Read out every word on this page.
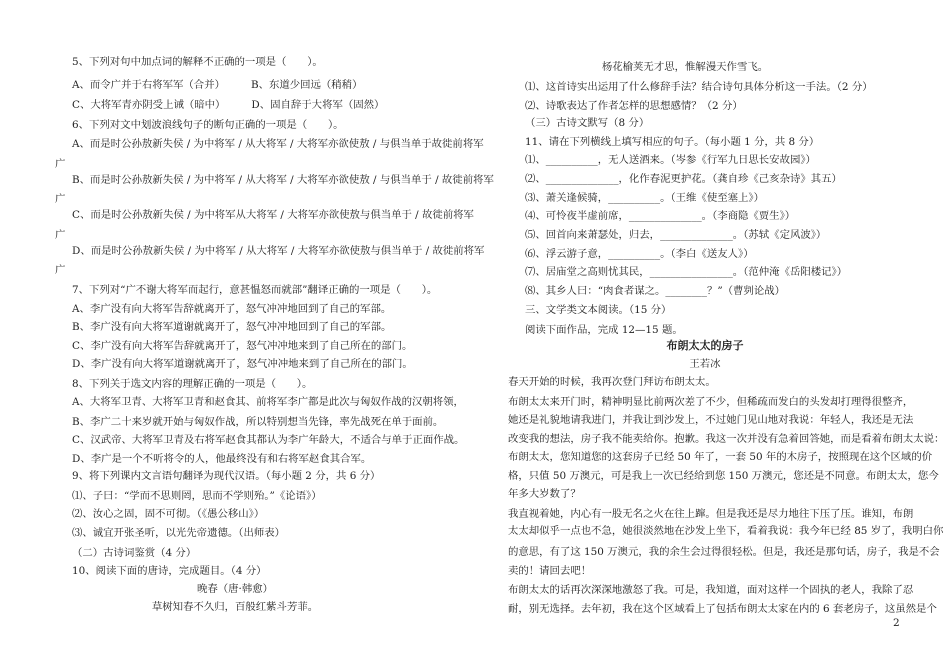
5、下列对句中加点词的解释不正确的一项是（　　）。
A、而令广并于右将军军（合并）　　　B、东道少回远（稍稍）
C、大将军青亦阴受上诫（暗中）　　　D、固自辞于大将军（固然）
6、下列对文中划波浪线句子的断句正确的一项是（　　）。
A、而是时公孙敖新失侯 / 为中将军 / 从大将军 / 大将军亦欲使敖 / 与俱当单于故徙前将军
广
B、而是时公孙敖新失侯 / 为中将军 / 从大将军 / 大将军亦欲使敖 / 与俱当单于 / 故徙前将军
广
C、而是时公孙敖新失侯 / 为中将军从大将军 / 大将军亦欲使敖与俱当单于 / 故徙前将军
广
D、而是时公孙敖新失侯 / 为中将军 / 从大将军 / 大将军亦欲使敖与俱当单于 / 故徙前将军
广
7、下列对“广不谢大将军而起行，意甚愠怒而就部”翻译正确的一项是（　　）。
A、李广没有向大将军告辞就离开了，怒气冲冲地回到了自己的军部。
B、李广没有向大将军道谢就离开了，怒气冲冲地回到了自己的军部。
C、李广没有向大将军告辞就离开了，怒气冲冲地来到了自己所在的部门。
D、李广没有向大将军道谢就离开了，怒气冲冲地来到了自己所在的部门。
8、下列关于选文内容的理解正确的一项是（　　）。
A、大将军卫青、大将军卫青和赵食其、前将军李广都是此次与匈奴作战的汉朝将领，
B、李广二十来岁就开始与匈奴作战，所以特别想当先锋，率先战死在单于面前。
C、汉武帝、大将军卫青及右将军赵食其都认为李广年龄大，不适合与单于正面作战。
D、李广是一个不听将令的人，他最终没有和右将军赵食其合军。
9、将下列课内文言语句翻译为现代汉语。（每小题 2 分，共 6 分）
⑴、子曰：“学而不思则罔，思而不学则殆。”《论语》）
⑵、汝心之固，固不可彻。（《愚公移山》）
⑶、诚宜开张圣听，以光先帝遗德。（出师表）
（二）古诗词鉴赏（4 分）
10、阅读下面的唐诗，完成题目。（4 分）
晚春（唐·韩愈）
草树知春不久归，百般红紫斗芳菲。
杨花榆荚无才思，惟解漫天作雪飞。
⑴、这首诗实出运用了什么修辞手法？结合诗句具体分析这一手法。（2 分）
⑵、诗歌表达了作者怎样的思想感情？（2 分）
（三）古诗文默写（8 分）
11、请在下列横线上填写相应的句子。（每小题 1 分，共 8 分）
⑴、__________，无人送酒来。（岑参《行军九日思长安故园》）
⑵、______________，化作春泥更护花。（龚自珍《己亥杂诗》其五）
⑶、萧关逢候骑，__________。（王维《使至塞上》）
⑷、可怜夜半虚前席，______________。（李商隐《贾生》）
⑸、回首向来萧瑟处，归去，______________。（苏轼《定风波》）
⑹、浮云游子意，__________。（李白《送友人》）
⑺、居庙堂之高则忧其民，________________。（范仲淹《岳阳楼记》）
⑻、其乡人曰：“肉食者谋之。________？”（曹刿论战）
三、文学类文本阅读。（15 分）
阅读下面作品，完成 12—15 题。
布朗太太的房子
王若冰
春天开始的时候，我再次登门拜访布朗太太。
布朗太太来开门时，精神明显比前两次差了不少，但稀疏而发白的头发却打理得很整齐，
她还是礼貌地请我进门，并我让到沙发上，不过她门见山地对我说：年轻人，我还是无法
改变我的想法，房子我不能卖给你。抱歉。我这一次并没有急着回答她，而是看着布朗太太说：
布朗太太，您知道您的这套房子已经 50 年了，一套 50 年的木房子，按照现在这个区域的价
格，只值 50 万澳元，可是我上一次已经给到您 150 万澳元，您还是不同意。布朗太太，您今
年多大岁数了？
我直视着她，内心有一股无名之火在往上蹿。但是我还是尽力地往下压了压。谁知，布朗
太太却似乎一点也不急，她很淡然地在沙发上坐下，看着我说：我今年已经 85 岁了，我明白你
的意思，有了这 150 万澳元，我的余生会过得很轻松。但是，我还是那句话，房子，我是不会
卖的！请回去吧！
布朗太太的话再次深深地激怒了我。可是，我知道，面对这样一个固执的老人，我除了忍
耐，别无选择。去年初，我在这个区域看上了包括布朗太太家在内的 6 套老房子，这虽然是个
2
